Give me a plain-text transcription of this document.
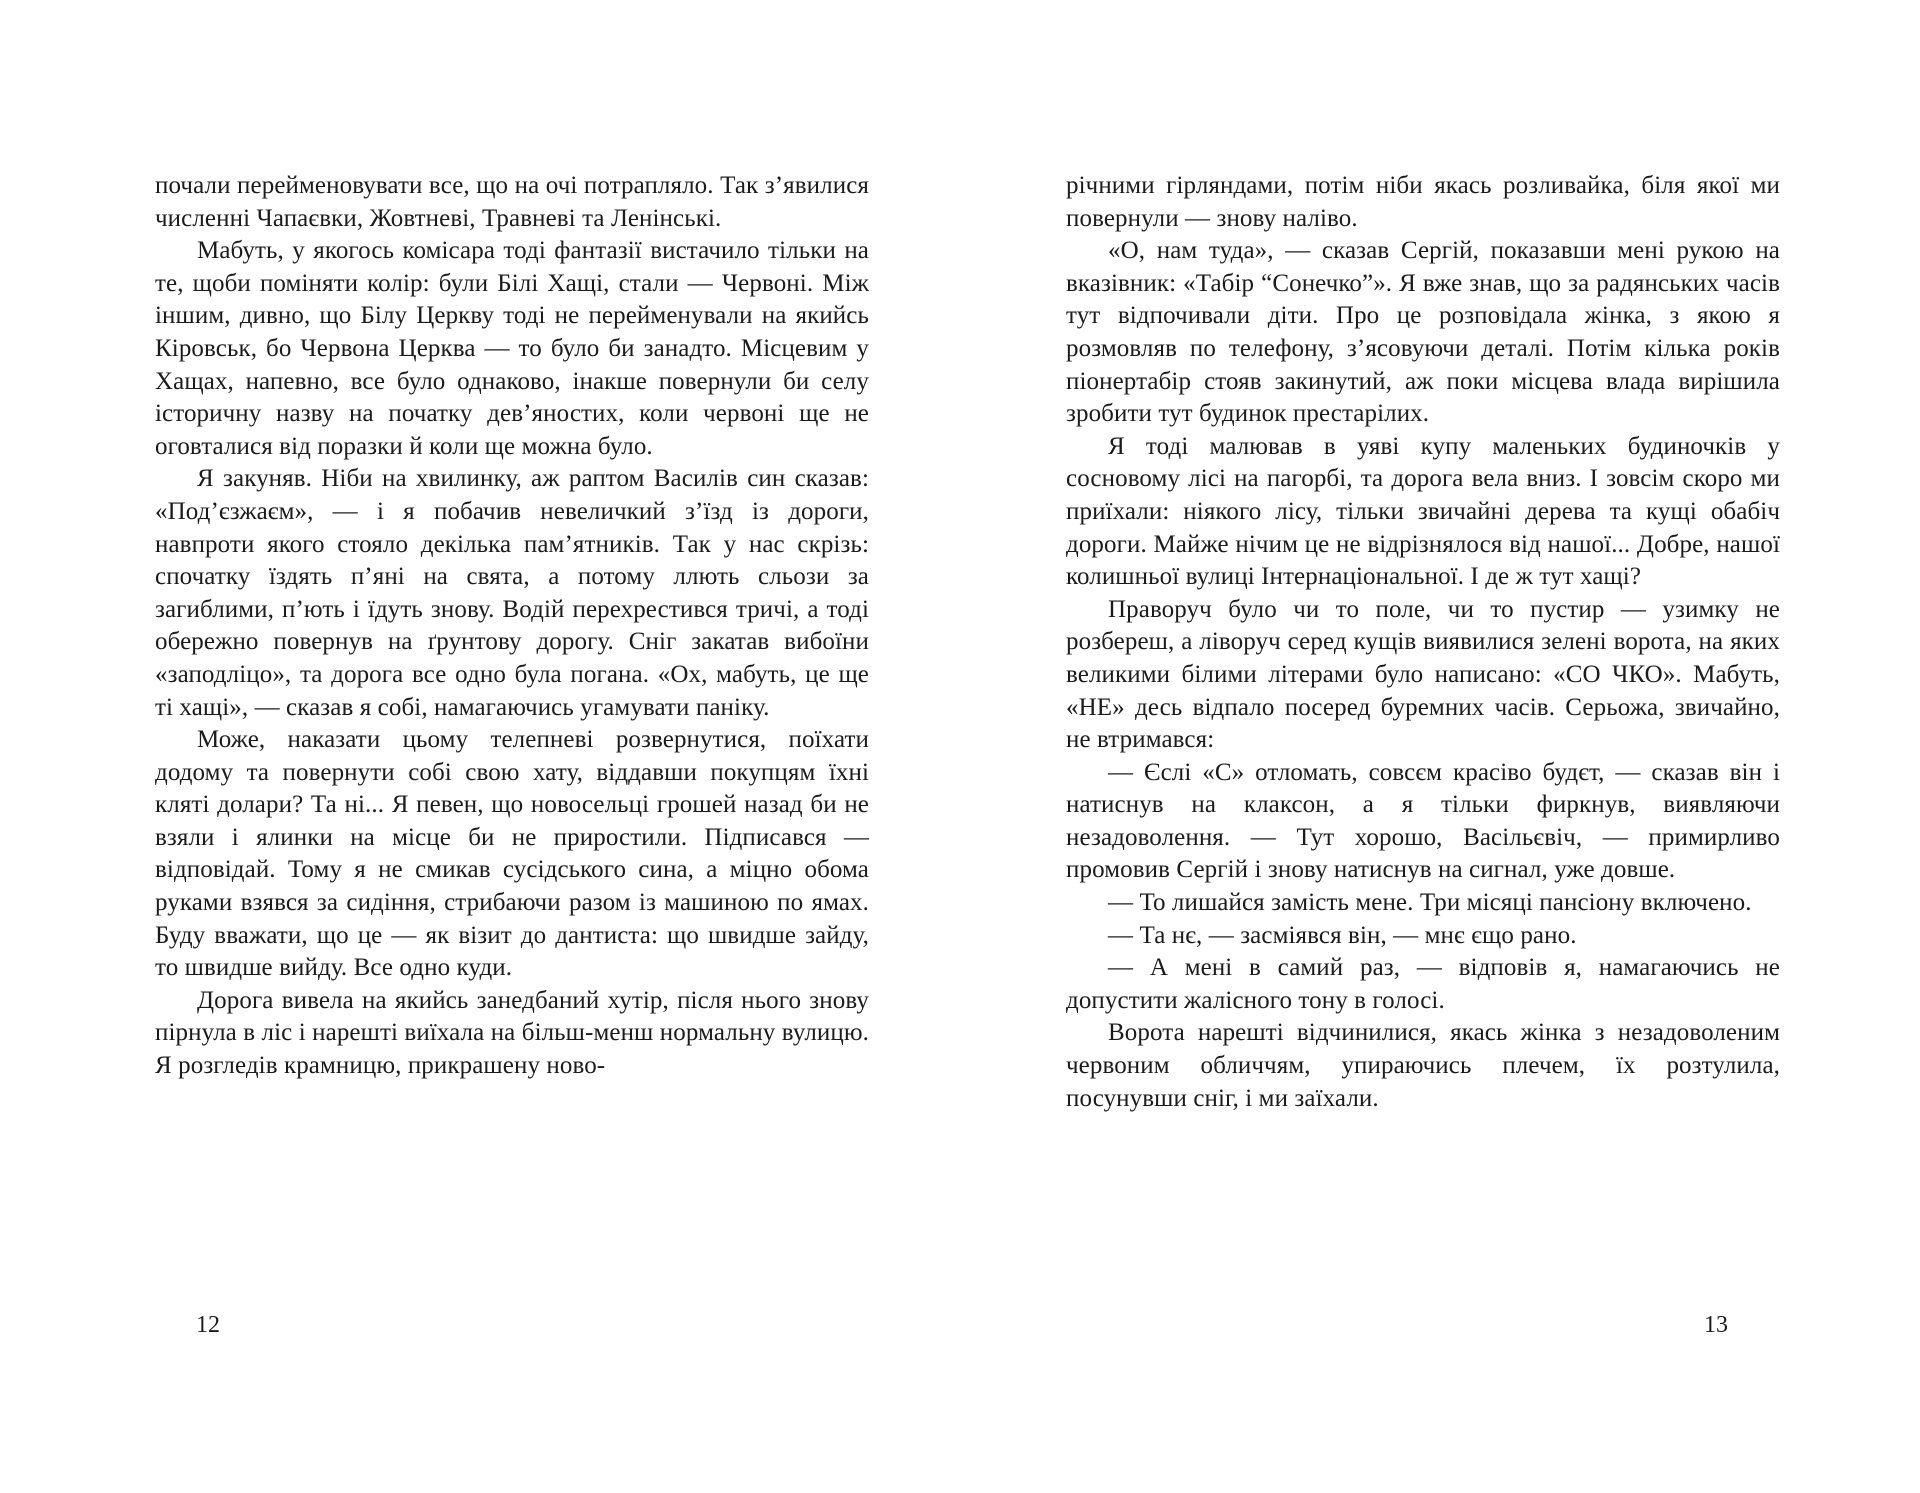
почали перейменовувати все, що на очі потрапляло. Так з’явилися численні Чапаєвки, Жовтневі, Травневі та Ленінські.

Мабуть, у якогось комісара тоді фантазії вистачило тільки на те, щоби поміняти колір: були Білі Хащі, стали — Червоні. Між іншим, дивно, що Білу Церкву тоді не перейменували на якийсь Кіровськ, бо Червона Церква — то було би занадто. Місцевим у Хащах, напевно, все було однаково, інакше повернули би селу історичну назву на початку дев’яностих, коли червоні ще не оговталися від поразки й коли ще можна було.

Я закуняв. Ніби на хвилинку, аж раптом Василів син сказав: «Под’єзжаєм», — і я побачив невеличкий з’їзд із дороги, навпроти якого стояло декілька пам’ятників. Так у нас скрізь: спочатку їздять п’яні на свята, а потому ллють сльози за загиблими, п’ють і їдуть знову. Водій перехрестився тричі, а тоді обережно повернув на ґрунтову дорогу. Сніг закатав вибоїни «заподліцо», та дорога все одно була погана. «Ох, мабуть, це ще ті хащі», — сказав я собі, намагаючись угамувати паніку.

Може, наказати цьому телепневі розвернутися, поїхати додому та повернути собі свою хату, віддавши покупцям їхні кляті долари? Та ні... Я певен, що новосельці грошей назад би не взяли і ялинки на місце би не приростили. Підписався — відповідай. Тому я не смикав сусідського сина, а міцно обома руками взявся за сидіння, стрибаючи разом із машиною по ямах. Буду вважати, що це — як візит до дантиста: що швидше зайду, то швидше вийду. Все одно куди.

Дорога вивела на якийсь занедбаний хутір, після нього знову пірнула в ліс і нарешті виїхала на більш-менш нормальну вулицю. Я розгледів крамницю, прикрашену ново-

річними гірляндами, потім ніби якась розливайка, біля якої ми повернули — знову наліво.

«О, нам туда», — сказав Сергій, показавши мені рукою на вказівник: «Табір “Сонечко”». Я вже знав, що за радянських часів тут відпочивали діти. Про це розповідала жінка, з якою я розмовляв по телефону, з’ясовуючи деталі. Потім кілька років піонертабір стояв закинутий, аж поки місцева влада вирішила зробити тут будинок престарілих.

Я тоді малював в уяві купу маленьких будиночків у сосновому лісі на пагорбі, та дорога вела вниз. І зовсім скоро ми приїхали: ніякого лісу, тільки звичайні дерева та кущі обабіч дороги. Майже нічим це не відрізнялося від нашої... Добре, нашої колишньої вулиці Інтернаціональної. І де ж тут хащі?

Праворуч було чи то поле, чи то пустир — узимку не розбереш, а ліворуч серед кущів виявилися зелені ворота, на яких великими білими літерами було написано: «СО ЧКО». Мабуть, «НЕ» десь відпало посеред буремних часів. Серьожа, звичайно, не втримався:

— Єслі «С» отломать, совсєм красіво будєт, — сказав він і натиснув на клаксон, а я тільки фиркнув, виявляючи незадоволення. — Тут хорошо, Васільєвіч, — примирливо промовив Сергій і знову натиснув на сигнал, уже довше.

— То лишайся замість мене. Три місяці пансіону включено.

— Та нє, — засміявся він, — мнє єщо рано.

— А мені в самий раз, — відповів я, намагаючись не допустити жалісного тону в голосі.

Ворота нарешті відчинилися, якась жінка з незадоволеним червоним обличчям, упираючись плечем, їх розтулила, посунувши сніг, і ми заїхали.

12	13
